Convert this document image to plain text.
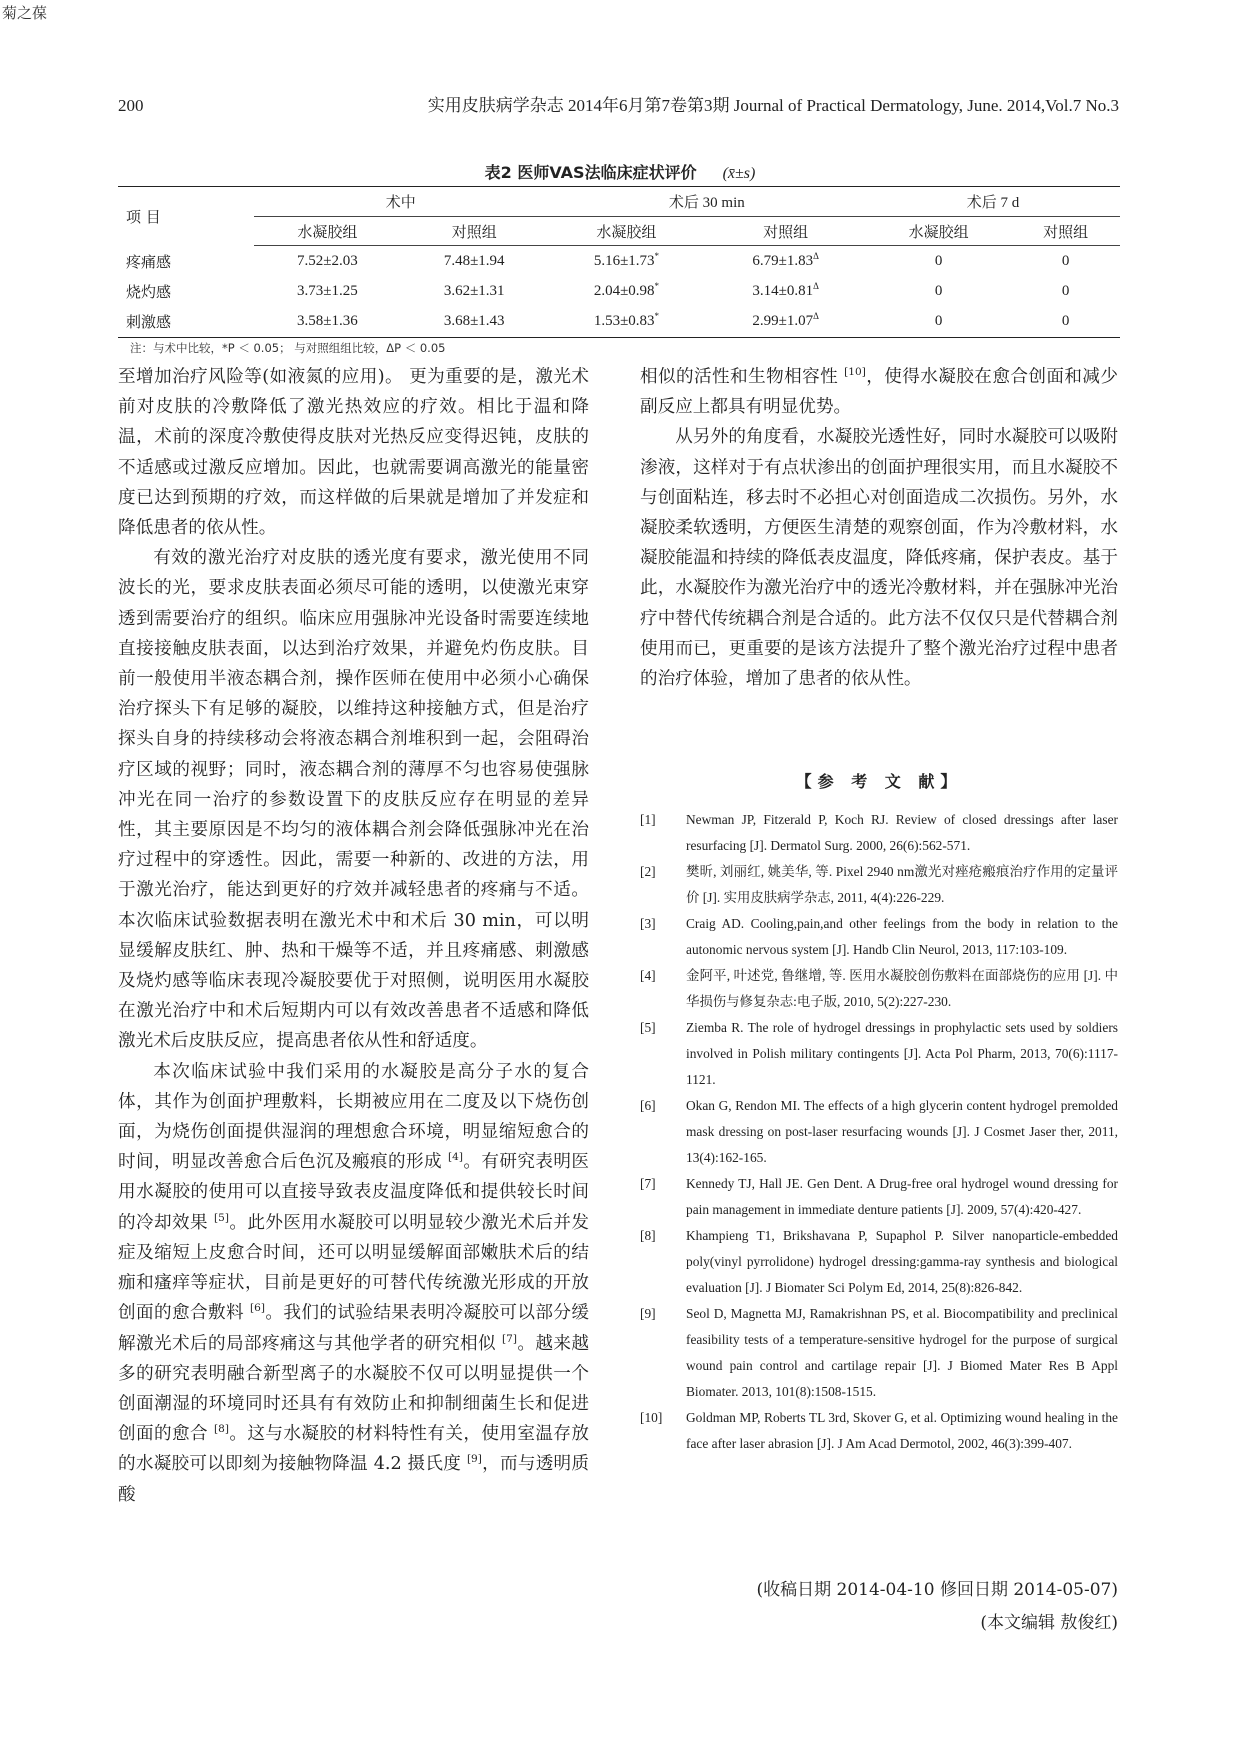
菊之葆
200	实用皮肤病学杂志 2014年6月第7卷第3期 Journal of Practical Dermatology, June. 2014,Vol.7 No.3
表2 医师VAS法临床症状评价 (x̄±s)
项 目	术中		术后 30 min		术后 7 d	
	水凝胶组	对照组	水凝胶组	对照组	水凝胶组	对照组
疼痛感	7.52±2.03	7.48±1.94	5.16±1.73*	$6.79\pm 1.83^\Delta$	0	0
烧灼感	3.73±1.25	3.62±1.31	2.04±0.98*	$3.14\pm 0.81^\Delta$	0	0
刺激感	3.58±1.36	3.68±1.43	1.53±0.83*	$2.99\pm 1.07^\Delta$	0	0
注：与术中比较，*P ＜ 0.05； 与对照组组比较，ΔP ＜ 0.05

至增加治疗风险等(如液氮的应用)。 更为重要的是，激光术前对皮肤的冷敷降低了激光热效应的疗效。相比于温和降温，术前的深度冷敷使得皮肤对光热反应变得迟钝，皮肤的不适感或过激反应增加。因此，也就需要调高激光的能量密度已达到预期的疗效，而这样做的后果就是增加了并发症和降低患者的依从性。

有效的激光治疗对皮肤的透光度有要求，激光使用不同波长的光，要求皮肤表面必须尽可能的透明，以使激光束穿透到需要治疗的组织。临床应用强脉冲光设备时需要连续地直接接触皮肤表面，以达到治疗效果，并避免灼伤皮肤。目前一般使用半液态耦合剂，操作医师在使用中必须小心确保治疗探头下有足够的凝胶，以维持这种接触方式，但是治疗探头自身的持续移动会将液态耦合剂堆积到一起，会阻碍治疗区域的视野；同时，液态耦合剂的薄厚不匀也容易使强脉冲光在同一治疗的参数设置下的皮肤反应存在明显的差异性，其主要原因是不均匀的液体耦合剂会降低强脉冲光在治疗过程中的穿透性。因此，需要一种新的、改进的方法，用于激光治疗，能达到更好的疗效并减轻患者的疼痛与不适。本次临床试验数据表明在激光术中和术后 30 min，可以明显缓解皮肤红、肿、热和干燥等不适，并且疼痛感、刺激感及烧灼感等临床表现冷凝胶要优于对照侧，说明医用水凝胶在激光治疗中和术后短期内可以有效改善患者不适感和降低激光术后皮肤反应，提高患者依从性和舒适度。

本次临床试验中我们采用的水凝胶是高分子水的复合体，其作为创面护理敷料，长期被应用在二度及以下烧伤创面，为烧伤创面提供湿润的理想愈合环境，明显缩短愈合的时间，明显改善愈合后色沉及瘢痕的形成 [4]。有研究表明医用水凝胶的使用可以直接导致表皮温度降低和提供较长时间的冷却效果 [5]。此外医用水凝胶可以明显较少激光术后并发症及缩短上皮愈合时间，还可以明显缓解面部嫩肤术后的结痂和瘙痒等症状，目前是更好的可替代传统激光形成的开放创面的愈合敷料 [6]。我们的试验结果表明冷凝胶可以部分缓解激光术后的局部疼痛这与其他学者的研究相似 [7]。越来越多的研究表明融合新型离子的水凝胶不仅可以明显提供一个创面潮湿的环境同时还具有有效防止和抑制细菌生长和促进创面的愈合 [8]。这与水凝胶的材料特性有关，使用室温存放的水凝胶可以即刻为接触物降温 4.2 摄氏度 [9]，而与透明质酸

相似的活性和生物相容性 [10]，使得水凝胶在愈合创面和减少副反应上都具有明显优势。

从另外的角度看，水凝胶光透性好，同时水凝胶可以吸附渗液，这样对于有点状渗出的创面护理很实用，而且水凝胶不与创面粘连，移去时不必担心对创面造成二次损伤。另外，水凝胶柔软透明，方便医生清楚的观察创面，作为冷敷材料，水凝胶能温和持续的降低表皮温度，降低疼痛，保护表皮。基于此，水凝胶作为激光治疗中的透光冷敷材料，并在强脉冲光治疗中替代传统耦合剂是合适的。此方法不仅仅只是代替耦合剂使用而已，更重要的是该方法提升了整个激光治疗过程中患者的治疗体验，增加了患者的依从性。

【参 考 文 献】
[1] Newman JP, Fitzerald P, Koch RJ. Review of closed dressings after laser resurfacing [J]. Dermatol Surg. 2000, 26(6):562-571.
[2] 樊昕, 刘丽红, 姚美华, 等. Pixel 2940 nm激光对痤疮瘢痕治疗作用的定量评价 [J]. 实用皮肤病学杂志, 2011, 4(4):226-229.
[3] Craig AD. Cooling,pain,and other feelings from the body in relation to the autonomic nervous system [J]. Handb Clin Neurol, 2013, 117:103-109.
[4] 金阿平, 叶述党, 鲁继增, 等. 医用水凝胶创伤敷料在面部烧伤的应用 [J]. 中华损伤与修复杂志:电子版, 2010, 5(2):227-230.
[5] Ziemba R. The role of hydrogel dressings in prophylactic sets used by soldiers involved in Polish military contingents [J]. Acta Pol Pharm, 2013, 70(6):1117-1121.
[6] Okan G, Rendon MI. The effects of a high glycerin content hydrogel premolded mask dressing on post-laser resurfacing wounds [J]. J Cosmet Jaser ther, 2011, 13(4):162-165.
[7] Kennedy TJ, Hall JE. Gen Dent. A Drug-free oral hydrogel wound dressing for pain management in immediate denture patients [J]. 2009, 57(4):420-427.
[8] Khampieng T1, Brikshavana P, Supaphol P. Silver nanoparticle-embedded poly(vinyl pyrrolidone) hydrogel dressing:gamma-ray synthesis and biological evaluation [J]. J Biomater Sci Polym Ed, 2014, 25(8):826-842.
[9] Seol D, Magnetta MJ, Ramakrishnan PS, et al. Biocompatibility and preclinical feasibility tests of a temperature-sensitive hydrogel for the purpose of surgical wound pain control and cartilage repair [J]. J Biomed Mater Res B Appl Biomater. 2013, 101(8):1508-1515.
[10] Goldman MP, Roberts TL 3rd, Skover G, et al. Optimizing wound healing in the face after laser abrasion [J]. J Am Acad Dermotol, 2002, 46(3):399-407.
(收稿日期 2014-04-10 修回日期 2014-05-07)
(本文编辑 敖俊红)
